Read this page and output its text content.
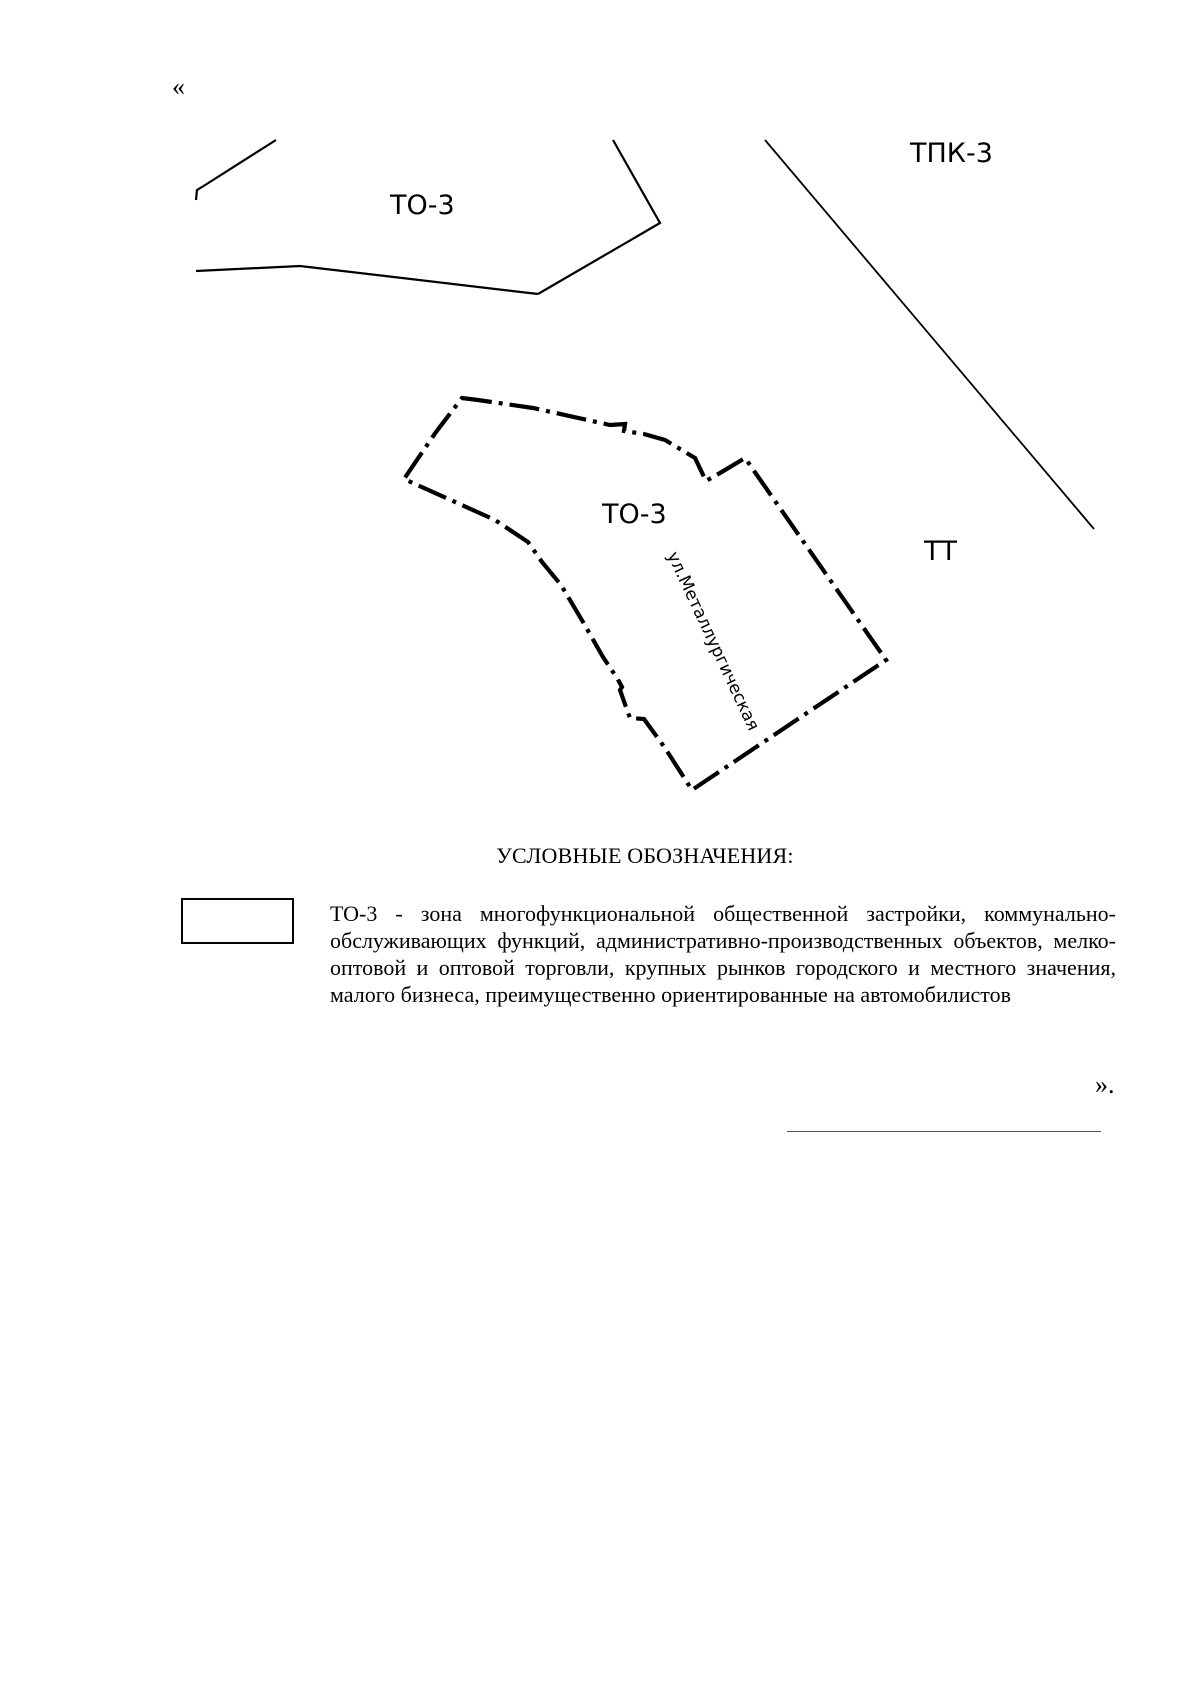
«
ТО-3
ТПК-3
ТО-3
ТТ
ул.Металлургическая
УСЛОВНЫЕ ОБОЗНАЧЕНИЯ:
ТО-3 - зона многофункциональной общественной застройки, коммунально-обслуживающих функций, административно-производственных объектов, мелко-оптовой и оптовой торговли, крупных рынков городского и местного значения, малого бизнеса, преимущественно ориентированные на автомобилистов
».
